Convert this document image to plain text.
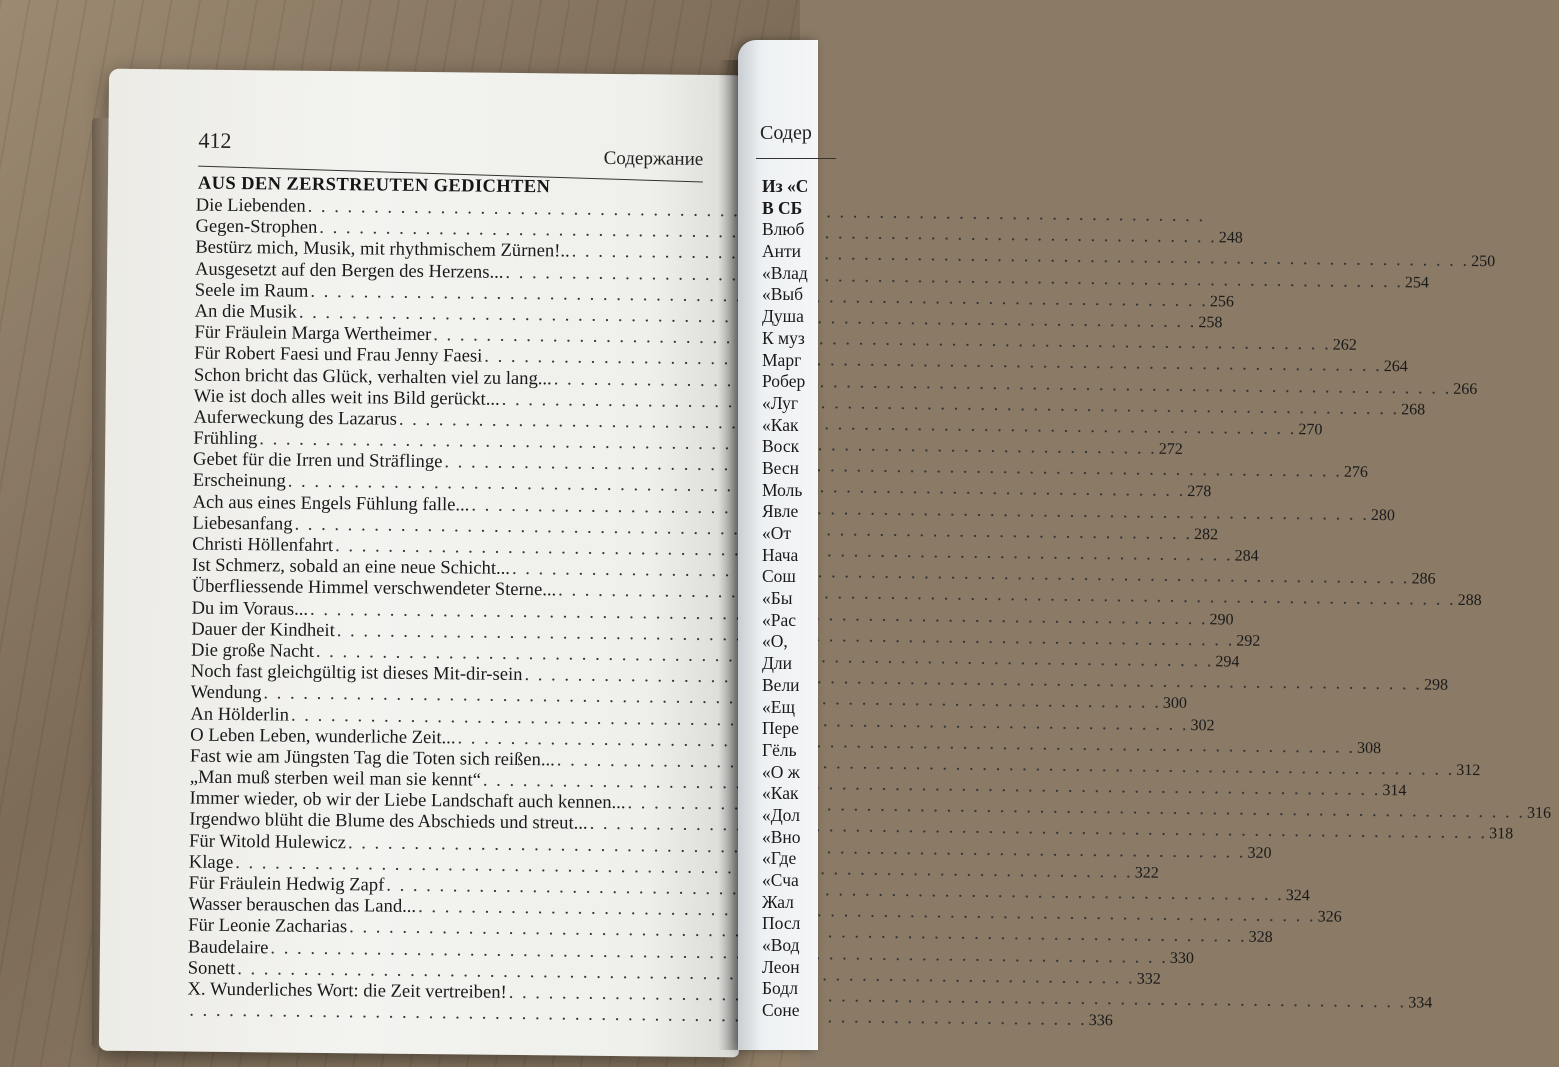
412
Содержание
AUS DEN ZERSTREUTEN GEDICHTEN
Die Liebenden
. . .
Gegen-Strophen
. . .
248
Bestürz mich, Musik, mit rhythmischem Zürnen!..
. . .
250
Ausgesetzt auf den Bergen des Herzens...
. . .
254
Seele im Raum
. . .
256
An die Musik
. . .
258
Für Fräulein Marga Wertheimer
. . .
262
Für Robert Faesi und Frau Jenny Faesi
. . .
264
Schon bricht das Glück, verhalten viel zu lang...
. . .
266
Wie ist doch alles weit ins Bild gerückt...
. . .
268
Auferweckung des Lazarus
. . .
270
Frühling
. . .
272
Gebet für die Irren und Sträflinge
. . .
276
Erscheinung
. . .
278
Ach aus eines Engels Fühlung falle...
. . .
280
Liebesanfang
. . .
282
Christi Höllenfahrt
. . .
284
Ist Schmerz, sobald an eine neue Schicht...
. . .
286
Überfliessende Himmel verschwendeter Sterne...
. . .
288
Du im Voraus...
. . .
290
Dauer der Kindheit
. . .
292
Die große Nacht
. . .
294
Noch fast gleichgültig ist dieses Mit-dir-sein
. . .
298
Wendung
. . .
300
An Hölderlin
. . .
302
O Leben Leben, wunderliche Zeit...
. . .
308
Fast wie am Jüngsten Tag die Toten sich reißen...
. . .
312
„Man muß sterben weil man sie kennt“
. . .
314
Immer wieder, ob wir der Liebe Landschaft auch kennen...
. . .
316
Irgendwo blüht die Blume des Abschieds und streut...
. . .
318
Für Witold Hulewicz
. . .
320
Klage
. . .
322
Für Fräulein Hedwig Zapf
. . .
324
Wasser berauschen das Land...
. . .
326
Für Leonie Zacharias
. . .
328
Baudelaire
. . .
330
Sonett
. . .
332
X. Wunderliches Wort: die Zeit vertreiben!
. . .
334
. . .
336
Содер
Из «С
В СБ
Влюб
Анти
«Влад
«Выб
Душа
К муз
Марг
Робер
«Луг
«Как
Воск
Весн
Моль
Явле
«От
Нача
Сош
«Бы
«Рас
«О,
Дли
Вели
«Ещ
Пере
Гёль
«О ж
«Как
«Дол
«Вно
«Где
«Сча
Жал
Посл
«Вод
Леон
Бодл
Соне
